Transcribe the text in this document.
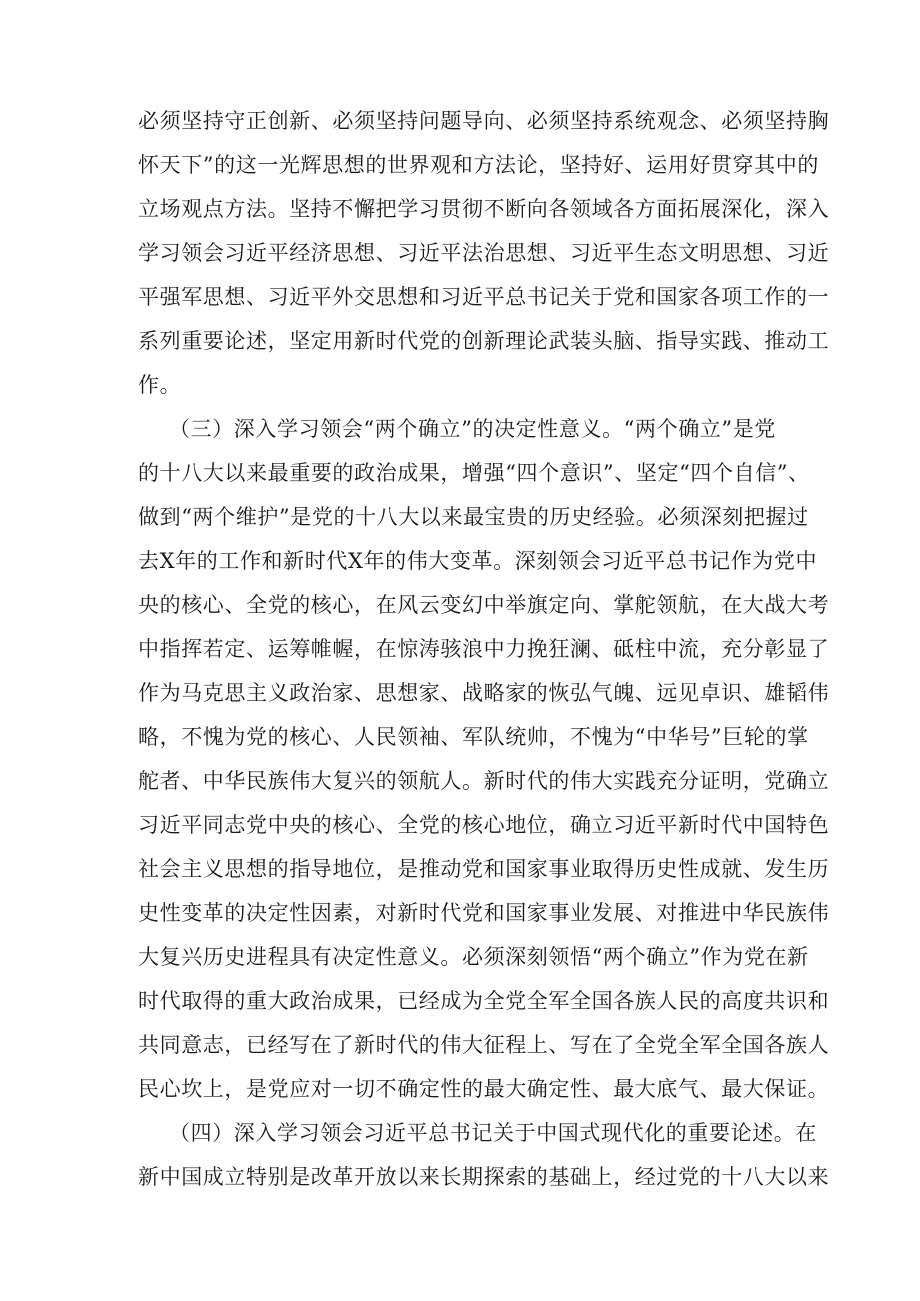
必须坚持守正创新、必须坚持问题导向、必须坚持系统观念、必须坚持胸
怀天下”的这一光辉思想的世界观和方法论，坚持好、运用好贯穿其中的
立场观点方法。坚持不懈把学习贯彻不断向各领域各方面拓展深化，深入
学习领会习近平经济思想、习近平法治思想、习近平生态文明思想、习近
平强军思想、习近平外交思想和习近平总书记关于党和国家各项工作的一
系列重要论述，坚定用新时代党的创新理论武装头脑、指导实践、推动工
作。
（三）深入学习领会“两个确立”的决定性意义。“两个确立”是党
的十八大以来最重要的政治成果，增强“四个意识”、坚定“四个自信”、
做到“两个维护”是党的十八大以来最宝贵的历史经验。必须深刻把握过
去X年的工作和新时代X年的伟大变革。深刻领会习近平总书记作为党中
央的核心、全党的核心，在风云变幻中举旗定向、掌舵领航，在大战大考
中指挥若定、运筹帷幄，在惊涛骇浪中力挽狂澜、砥柱中流，充分彰显了
作为马克思主义政治家、思想家、战略家的恢弘气魄、远见卓识、雄韬伟
略，不愧为党的核心、人民领袖、军队统帅，不愧为“中华号”巨轮的掌
舵者、中华民族伟大复兴的领航人。新时代的伟大实践充分证明，党确立
习近平同志党中央的核心、全党的核心地位，确立习近平新时代中国特色
社会主义思想的指导地位，是推动党和国家事业取得历史性成就、发生历
史性变革的决定性因素，对新时代党和国家事业发展、对推进中华民族伟
大复兴历史进程具有决定性意义。必须深刻领悟“两个确立”作为党在新
时代取得的重大政治成果，已经成为全党全军全国各族人民的高度共识和
共同意志，已经写在了新时代的伟大征程上、写在了全党全军全国各族人
民心坎上，是党应对一切不确定性的最大确定性、最大底气、最大保证。
（四）深入学习领会习近平总书记关于中国式现代化的重要论述。在
新中国成立特别是改革开放以来长期探索的基础上，经过党的十八大以来
